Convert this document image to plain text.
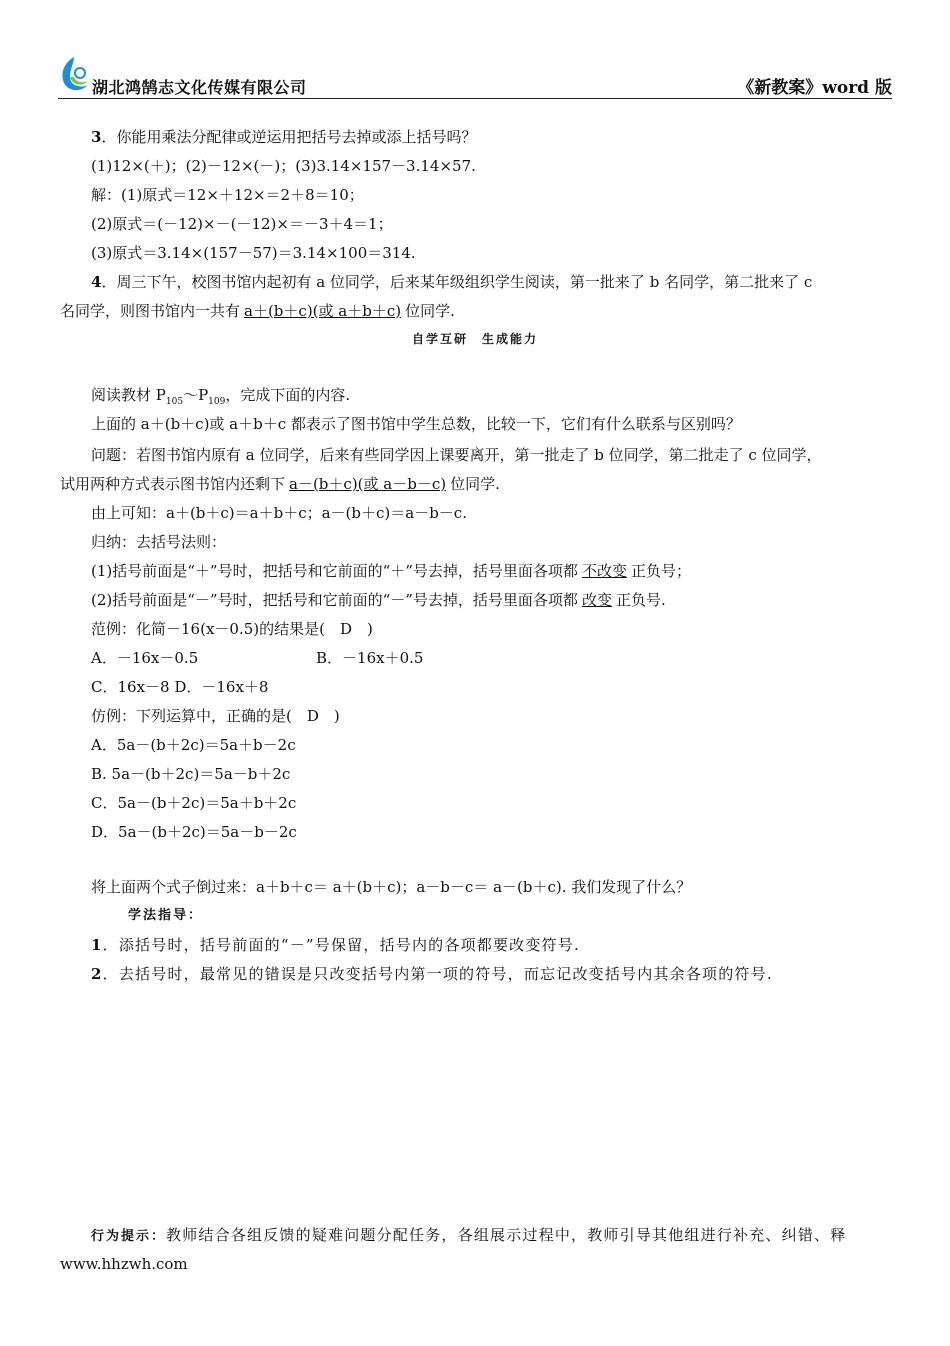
湖北鸿鹄志文化传媒有限公司	《新教案》word 版
3．你能用乘法分配律或逆运用把括号去掉或添上括号吗？
(1)12×(＋)；(2)－12×(－)；(3)3.14×157－3.14×57.
解：(1)原式＝12×＋12×＝2＋8＝10；
(2)原式＝(－12)×－(－12)×＝－3＋4＝1；
(3)原式＝3.14×(157－57)＝3.14×100＝314.
4．周三下午，校图书馆内起初有 a 位同学，后来某年级组织学生阅读，第一批来了 b 名同学，第二批来了 c
名同学，则图书馆内一共有 a＋(b＋c)(或 a＋b＋c) 位同学.
自学互研　生成能力
阅读教材 $P_{105}\sim P_{109}$，完成下面的内容.
上面的 a＋(b＋c)或 a＋b＋c 都表示了图书馆中学生总数，比较一下，它们有什么联系与区别吗？
问题：若图书馆内原有 a 位同学，后来有些同学因上课要离开，第一批走了 b 位同学，第二批走了 c 位同学，
试用两种方式表示图书馆内还剩下 a－(b＋c)(或 a－b－c) 位同学.
由上可知：a＋(b＋c)＝a＋b＋c；a－(b＋c)＝a－b－c.
归纳：去括号法则：
(1)括号前面是“＋”号时，把括号和它前面的“＋”号去掉，括号里面各项都 不改变 正负号；
(2)括号前面是“－”号时，把括号和它前面的“－”号去掉，括号里面各项都 改变 正负号.
范例：化简－16(x－0.5)的结果是(　D　)
A．－16x－0.5	B．－16x＋0.5
C．16x－8 D．－16x＋8
仿例：下列运算中，正确的是(　D　)
A．5a－(b＋2c)＝5a＋b－2c
B. 5a－(b＋2c)＝5a－b＋2c
C．5a－(b＋2c)＝5a＋b＋2c
D．5a－(b＋2c)＝5a－b－2c
将上面两个式子倒过来：a＋b＋c＝ a＋(b＋c)；a－b－c＝ a－(b＋c). 我们发现了什么？
学法指导：
1．添括号时，括号前面的“－”号保留，括号内的各项都要改变符号.
2．去括号时，最常见的错误是只改变括号内第一项的符号，而忘记改变括号内其余各项的符号.
行为提示：教师结合各组反馈的疑难问题分配任务，各组展示过程中，教师引导其他组进行补充、纠错、释
www.hhzwh.com
